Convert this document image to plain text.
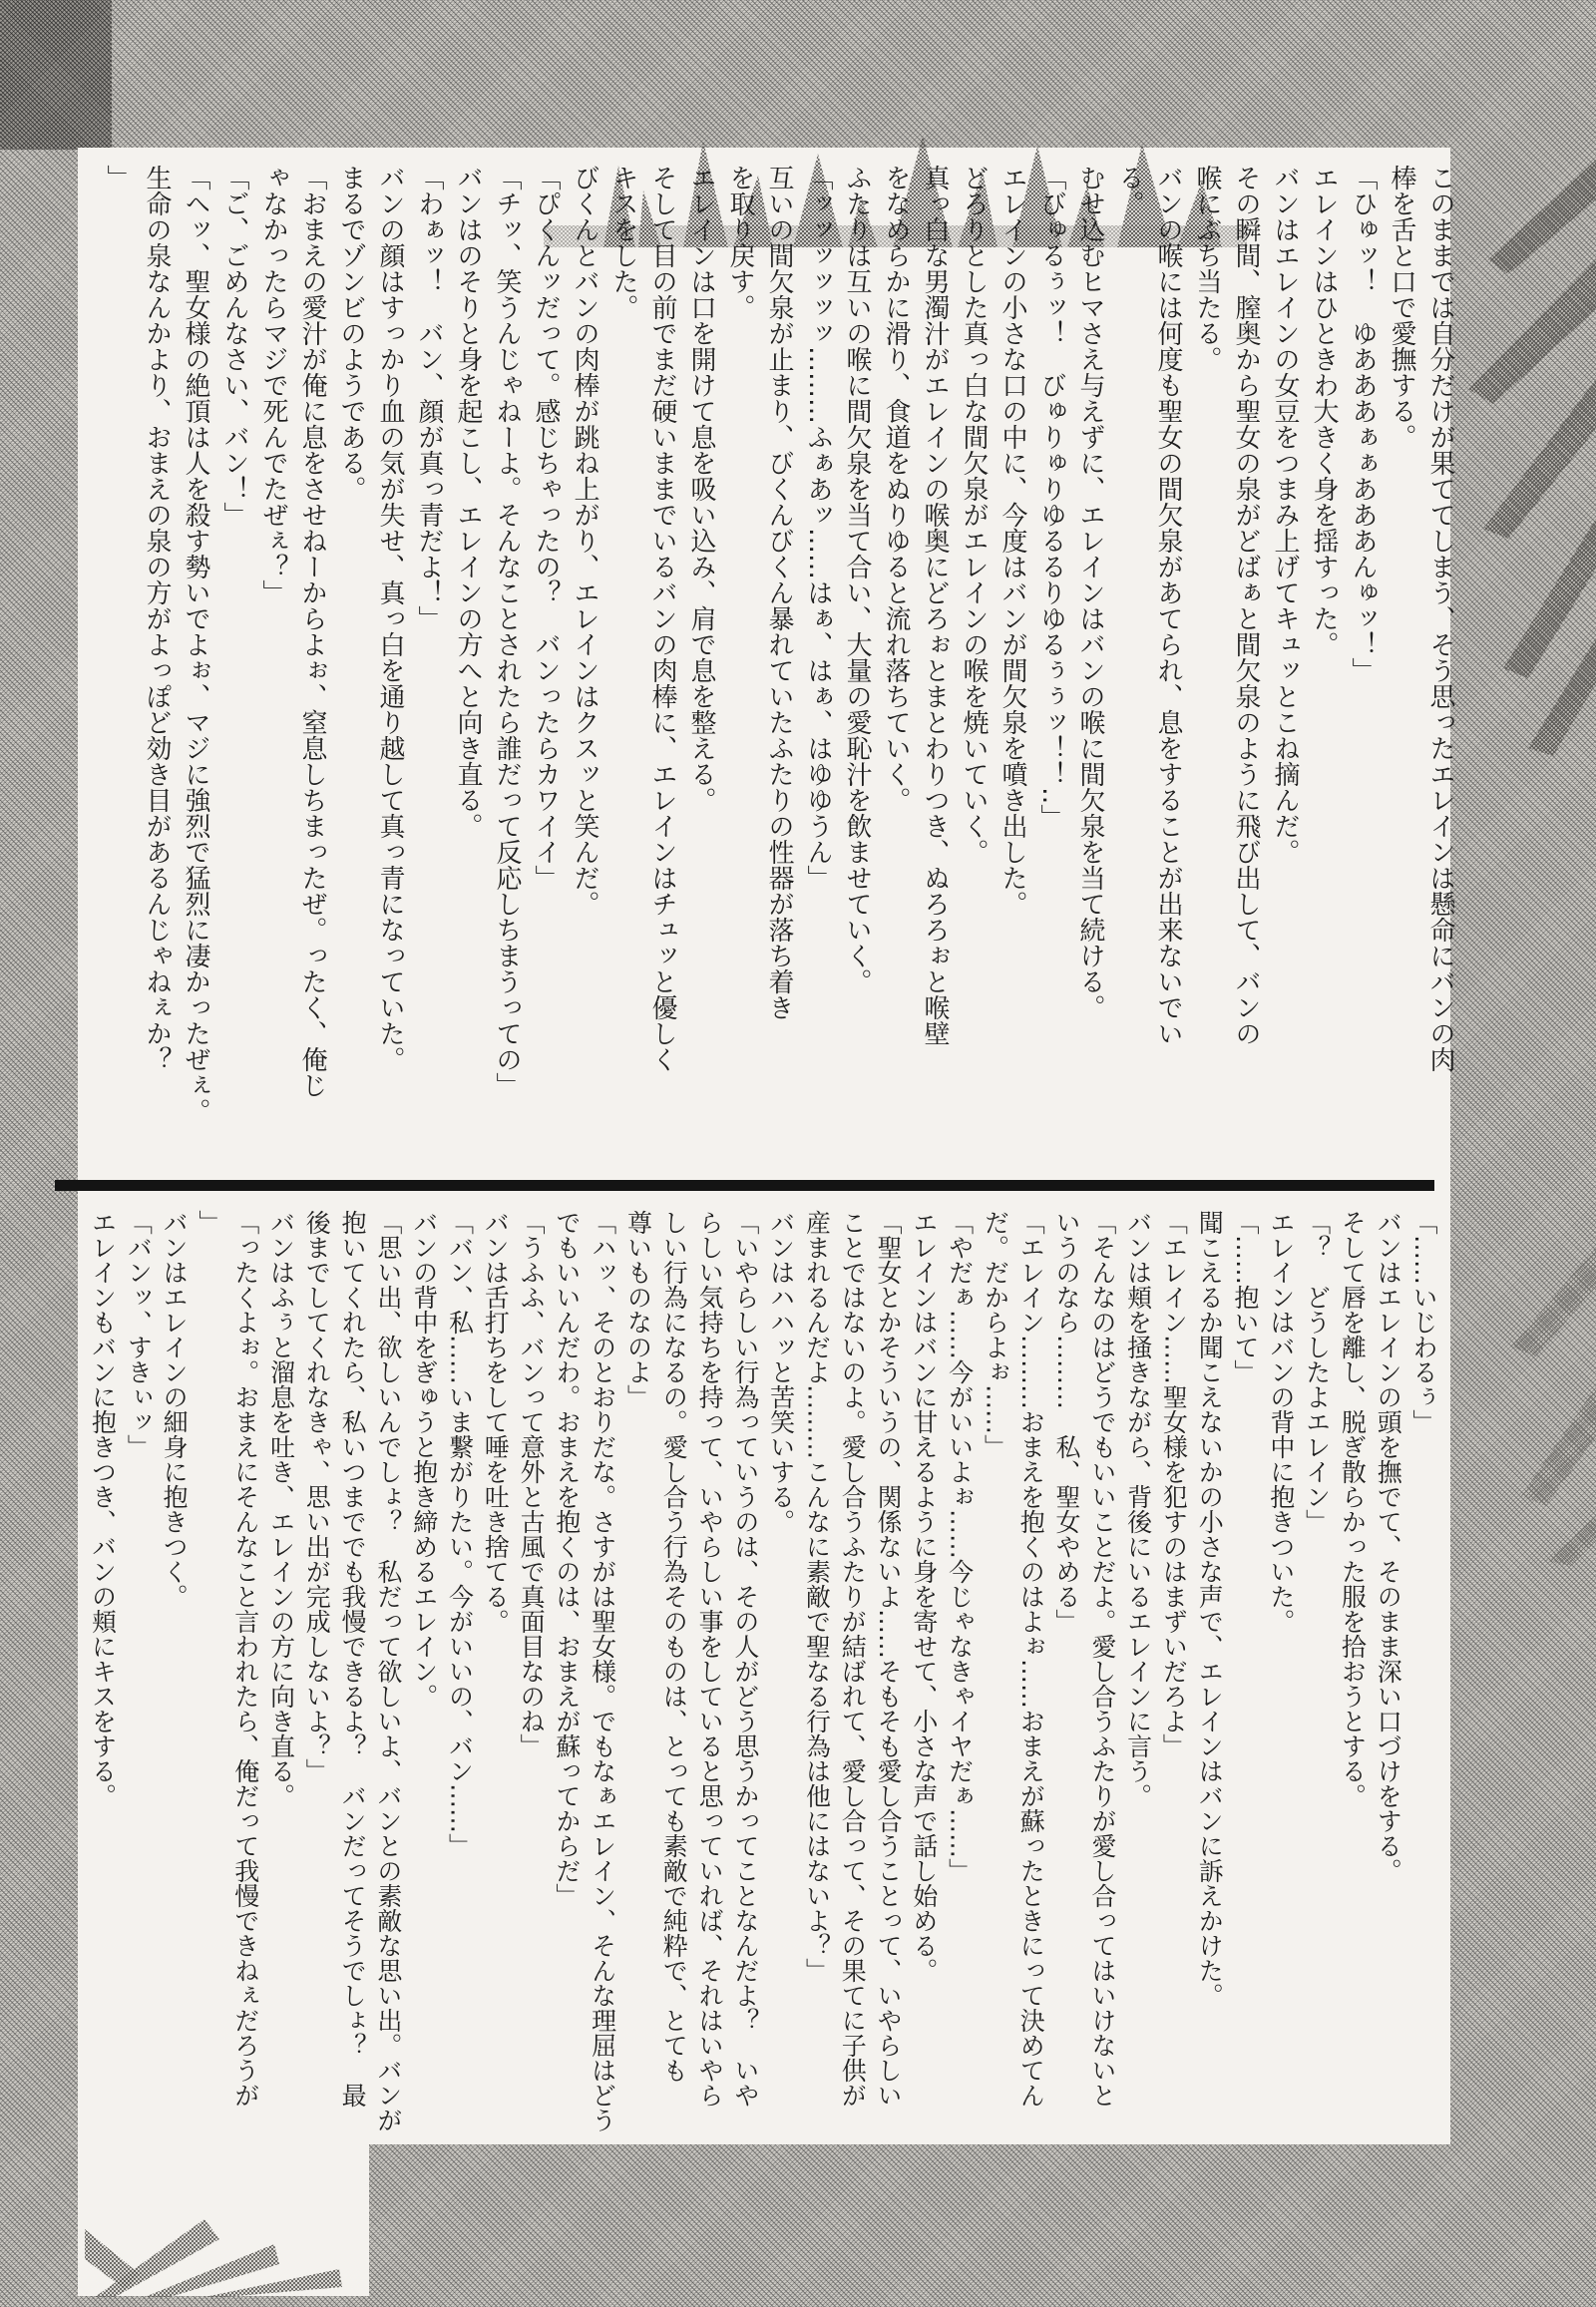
このままでは自分だけが果ててしまう、そう思ったエレインは懸命にバンの肉
棒を舌と口で愛撫する。
「ひゅッ！　ゆあああぁぁあああんゅッ！」
エレインはひときわ大きく身を揺すった。
バンはエレインの女豆をつまみ上げてキュッとこね摘んだ。
その瞬間、膣奥から聖女の泉がどばぁと間欠泉のように飛び出して、バンの
喉にぶち当たる。
バンの喉には何度も聖女の間欠泉があてられ、息をすることが出来ないでい
る。
むせ込むヒマさえ与えずに、エレインはバンの喉に間欠泉を当て続ける。
「びゅるぅッ！　びゅりゅりゆるるりゆるぅぅッ！！‥」
エレインの小さな口の中に、今度はバンが間欠泉を噴き出した。
どろりとした真っ白な間欠泉がエレインの喉を焼いていく。
真っ白な男濁汁がエレインの喉奥にどろぉとまとわりつき、ぬろろぉと喉壁
をなめらかに滑り、食道をぬりゆると流れ落ちていく。
ふたりは互いの喉に間欠泉を当て合い、大量の愛恥汁を飲ませていく。
「ッッッッッッ………ふぁあッ……はぁ、はぁ、はゆゆうん」
互いの間欠泉が止まり、びくんびくん暴れていたふたりの性器が落ち着き
を取り戻す。
エレインは口を開けて息を吸い込み、肩で息を整える。
そして目の前でまだ硬いままでいるバンの肉棒に、エレインはチュッと優しく
キスをした。
びくんとバンの肉棒が跳ね上がり、エレインはクスッと笑んだ。
「ぴくんッだって。感じちゃったの？　バンったらカワイイ」
「チッ、笑うんじゃねーよ。そんなことされたら誰だって反応しちまうっての」
バンはのそりと身を起こし、エレインの方へと向き直る。
「わぁッ！　バン、顔が真っ青だよ！」
バンの顔はすっかり血の気が失せ、真っ白を通り越して真っ青になっていた。
まるでゾンビのようである。
「おまえの愛汁が俺に息をさせねーからよぉ、窒息しちまったぜ。ったく、俺じ
ゃなかったらマジで死んでたぜぇ？」
「ご、ごめんなさい、バン！」
「ヘッ、聖女様の絶頂は人を殺す勢いでよぉ、マジに強烈で猛烈に凄かったぜぇ。
生命の泉なんかより、おまえの泉の方がよっぽど効き目があるんじゃねぇか？
」
「……いじわるぅ」
バンはエレインの頭を撫でて、そのまま深い口づけをする。
そして唇を離し、脱ぎ散らかった服を拾おうとする。
「？　どうしたよエレイン」
エレインはバンの背中に抱きついた。
「……抱いて」
聞こえるか聞こえないかの小さな声で、エレインはバンに訴えかけた。
「エレイン……聖女様を犯すのはまずいだろよ」
バンは頬を掻きながら、背後にいるエレインに言う。
「そんなのはどうでもいいことだよ。愛し合うふたりが愛し合ってはいけないと
いうのなら………　私、聖女やめる」
「エレイン………おまえを抱くのはよぉ……おまえが蘇ったときにって決めてん
だ。だからよぉ……」
「やだぁ……今がいいよぉ……今じゃなきゃイヤだぁ……」
エレインはバンに甘えるように身を寄せて、小さな声で話し始める。
「聖女とかそういうの、関係ないよ……そもそも愛し合うことって、いやらしい
ことではないのよ。愛し合うふたりが結ばれて、愛し合って、その果てに子供が
産まれるんだよ………こんなに素敵で聖なる行為は他にはないよ？」
バンはハハッと苦笑いする。
「いやらしい行為っていうのは、その人がどう思うかってことなんだよ？　いや
らしい気持ちを持って、いやらしい事をしていると思っていれば、それはいやら
しい行為になるの。愛し合う行為そのものは、とっても素敵で純粋で、とても
尊いものなのよ」
「ハッ、そのとおりだな。さすがは聖女様。でもなぁエレイン、そんな理屈はどう
でもいいんだわ。おまえを抱くのは、おまえが蘇ってからだ」
「うふふ、バンって意外と古風で真面目なのね」
バンは舌打ちをして唾を吐き捨てる。
「バン、私……いま繋がりたい。今がいいの、バン……」
バンの背中をぎゅうと抱き締めるエレイン。
「思い出、欲しいんでしょ？　私だって欲しいよ、バンとの素敵な思い出。バンが
抱いてくれたら、私いつまででも我慢できるよ？　バンだってそうでしょ？　最
後までしてくれなきゃ、思い出が完成しないよ？」
バンはふぅと溜息を吐き、エレインの方に向き直る。
「ったくよぉ。おまえにそんなこと言われたら、俺だって我慢できねぇだろうが
」
バンはエレインの細身に抱きつく。
「バンッ、すきぃッ」
エレインもバンに抱きつき、バンの頬にキスをする。
